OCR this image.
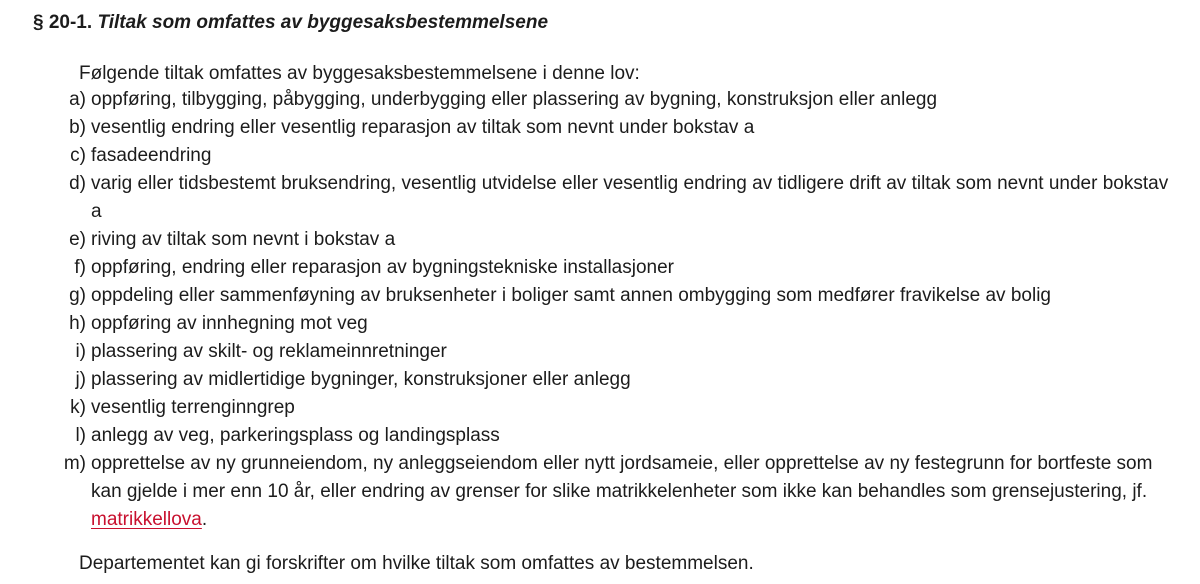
§ 20-1. Tiltak som omfattes av byggesaksbestemmelsene
Følgende tiltak omfattes av byggesaksbestemmelsene i denne lov:
a) oppføring, tilbygging, påbygging, underbygging eller plassering av bygning, konstruksjon eller anlegg
b) vesentlig endring eller vesentlig reparasjon av tiltak som nevnt under bokstav a
c) fasadeendring
d) varig eller tidsbestemt bruksendring, vesentlig utvidelse eller vesentlig endring av tidligere drift av tiltak som nevnt under bokstav a
e) riving av tiltak som nevnt i bokstav a
f) oppføring, endring eller reparasjon av bygningstekniske installasjoner
g) oppdeling eller sammenføyning av bruksenheter i boliger samt annen ombygging som medfører fravikelse av bolig
h) oppføring av innhegning mot veg
i) plassering av skilt- og reklameinnretninger
j) plassering av midlertidige bygninger, konstruksjoner eller anlegg
k) vesentlig terrenginngrep
l) anlegg av veg, parkeringsplass og landingsplass
m) opprettelse av ny grunneiendom, ny anleggseiendom eller nytt jordsameie, eller opprettelse av ny festegrunn for bortfeste som kan gjelde i mer enn 10 år, eller endring av grenser for slike matrikkelenheter som ikke kan behandles som grensejustering, jf. matrikkellova.
Departementet kan gi forskrifter om hvilke tiltak som omfattes av bestemmelsen.
